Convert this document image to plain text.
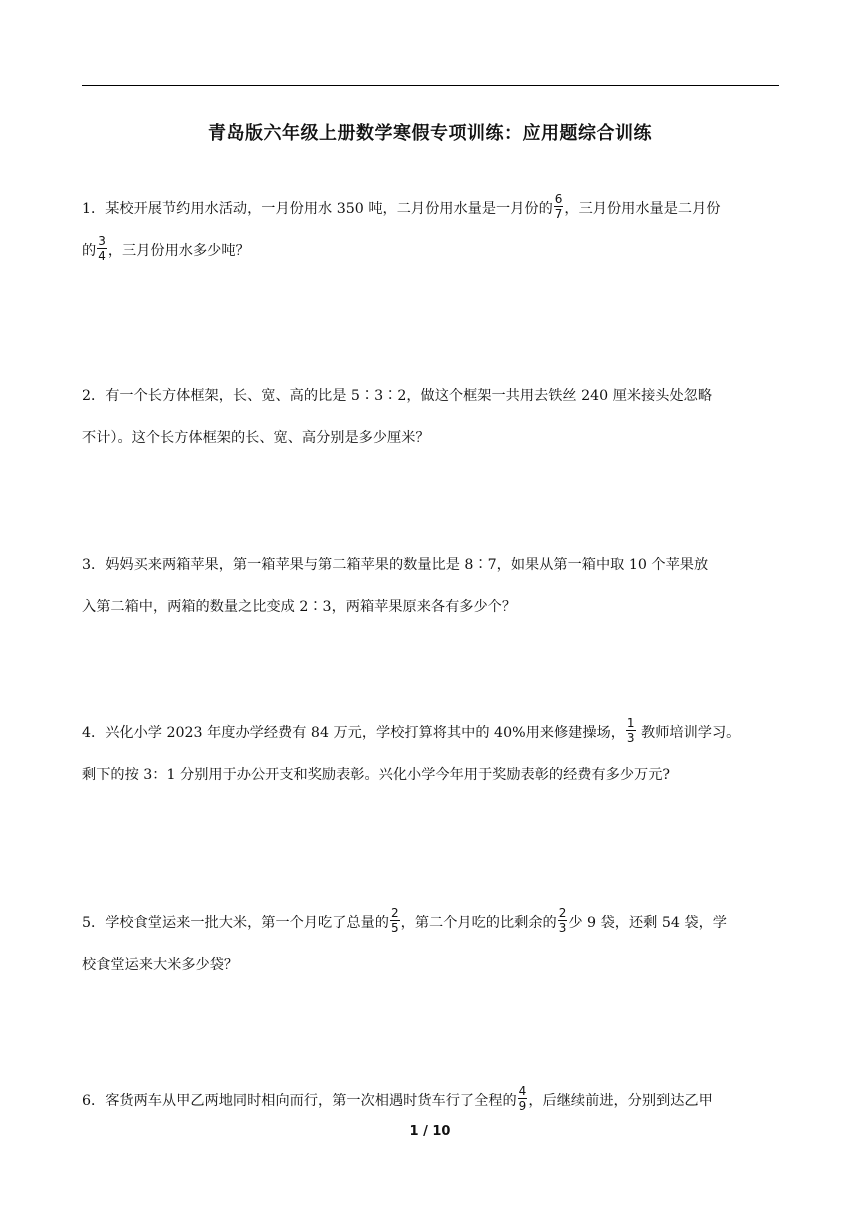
青岛版六年级上册数学寒假专项训练：应用题综合训练
1．某校开展节约用水活动，一月份用水 350 吨，二月份用水量是一月份的 $\frac{6}{7}$ ，三月份用水量是二月份
的 $\frac{3}{4}$ ，三月份用水多少吨？
2．有一个长方体框架，长、宽、高的比是 5∶3∶2，做这个框架一共用去铁丝 240 厘米接头处忽略
不计）。这个长方体框架的长、宽、高分别是多少厘米？
3．妈妈买来两箱苹果，第一箱苹果与第二箱苹果的数量比是 8∶7，如果从第一箱中取 10 个苹果放
入第二箱中，两箱的数量之比变成 2∶3，两箱苹果原来各有多少个？
4．兴化小学 2023 年度办学经费有 84 万元，学校打算将其中的 40%用来修建操场， $\frac{1}{3}$ 教师培训学习。
剩下的按 3：1 分别用于办公开支和奖励表彰。兴化小学今年用于奖励表彰的经费有多少万元?
5．学校食堂运来一批大米，第一个月吃了总量的 $\frac{2}{5}$ ，第二个月吃的比剩余的 $\frac{2}{3}$ 少 9 袋，还剩 54 袋，学
校食堂运来大米多少袋？
6．客货两车从甲乙两地同时相向而行，第一次相遇时货车行了全程的 $\frac{4}{9}$ ，后继续前进，分别到达乙甲
1 / 10
